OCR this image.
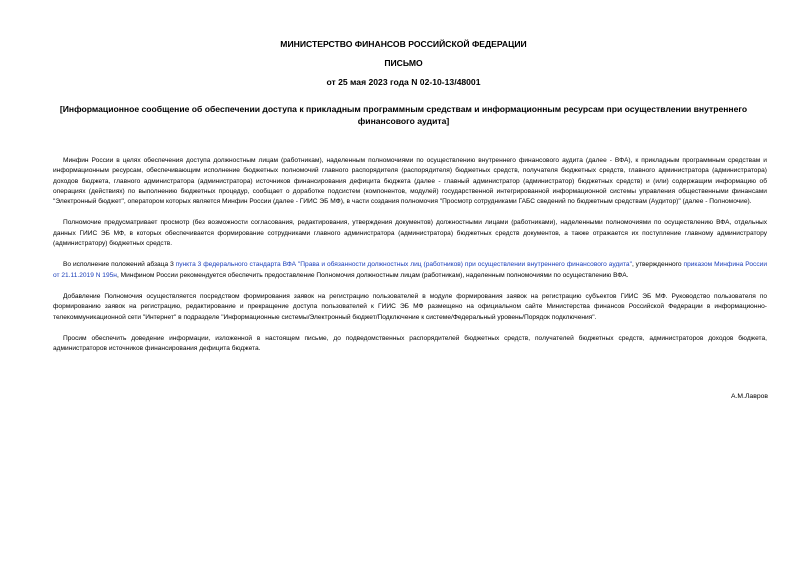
МИНИСТЕРСТВО ФИНАНСОВ РОССИЙСКОЙ ФЕДЕРАЦИИ
ПИСЬМО
от 25 мая 2023 года N 02-10-13/48001
[Информационное сообщение об обеспечении доступа к прикладным программным средствам и информационным ресурсам при осуществлении внутреннего финансового аудита]

Минфин России в целях обеспечения доступа должностным лицам (работникам), наделенным полномочиями по осуществлению внутреннего финансового аудита (далее - ВФА), к прикладным программным средствам и информационным ресурсам, обеспечивающим исполнение бюджетных полномочий главного распорядителя (распорядителя) бюджетных средств, получателя бюджетных средств, главного администратора (администратора) доходов бюджета, главного администратора (администратора) источников финансирования дефицита бюджета (далее - главный администратор (администратор) бюджетных средств) и (или) содержащим информацию об операциях (действиях) по выполнению бюджетных процедур, сообщает о доработке подсистем (компонентов, модулей) государственной интегрированной информационной системы управления общественными финансами "Электронный бюджет", оператором которых является Минфин России (далее - ГИИС ЭБ МФ), в части создания полномочия "Просмотр сотрудниками ГАБС сведений по бюджетным средствам (Аудитор)" (далее - Полномочие).

Полномочие предусматривает просмотр (без возможности согласования, редактирования, утверждения документов) должностными лицами (работниками), наделенными полномочиями по осуществлению ВФА, отдельных данных ГИИС ЭБ МФ, в которых обеспечивается формирование сотрудниками главного администратора (администратора) бюджетных средств документов, а также отражается их поступление главному администратору (администратору) бюджетных средств.

Во исполнение положений абзаца 3 пункта 3 федерального стандарта ВФА "Права и обязанности должностных лиц (работников) при осуществлении внутреннего финансового аудита", утвержденного приказом Минфина России от 21.11.2019 N 195н, Минфином России рекомендуется обеспечить предоставление Полномочия должностным лицам (работникам), наделенным полномочиями по осуществлению ВФА.

Добавление Полномочия осуществляется посредством формирования заявок на регистрацию пользователей в модуле формирования заявок на регистрацию субъектов ГИИС ЭБ МФ. Руководство пользователя по формированию заявок на регистрацию, редактирование и прекращение доступа пользователей к ГИИС ЭБ МФ размещено на официальном сайте Министерства финансов Российской Федерации в информационно-телекоммуникационной сети "Интернет" в подразделе "Информационные системы/Электронный бюджет/Подключение к системе/Федеральный уровень/Порядок подключения".

Просим обеспечить доведение информации, изложенной в настоящем письме, до подведомственных распорядителей бюджетных средств, получателей бюджетных средств, администраторов доходов бюджета, администраторов источников финансирования дефицита бюджета.

А.М.Лавров
